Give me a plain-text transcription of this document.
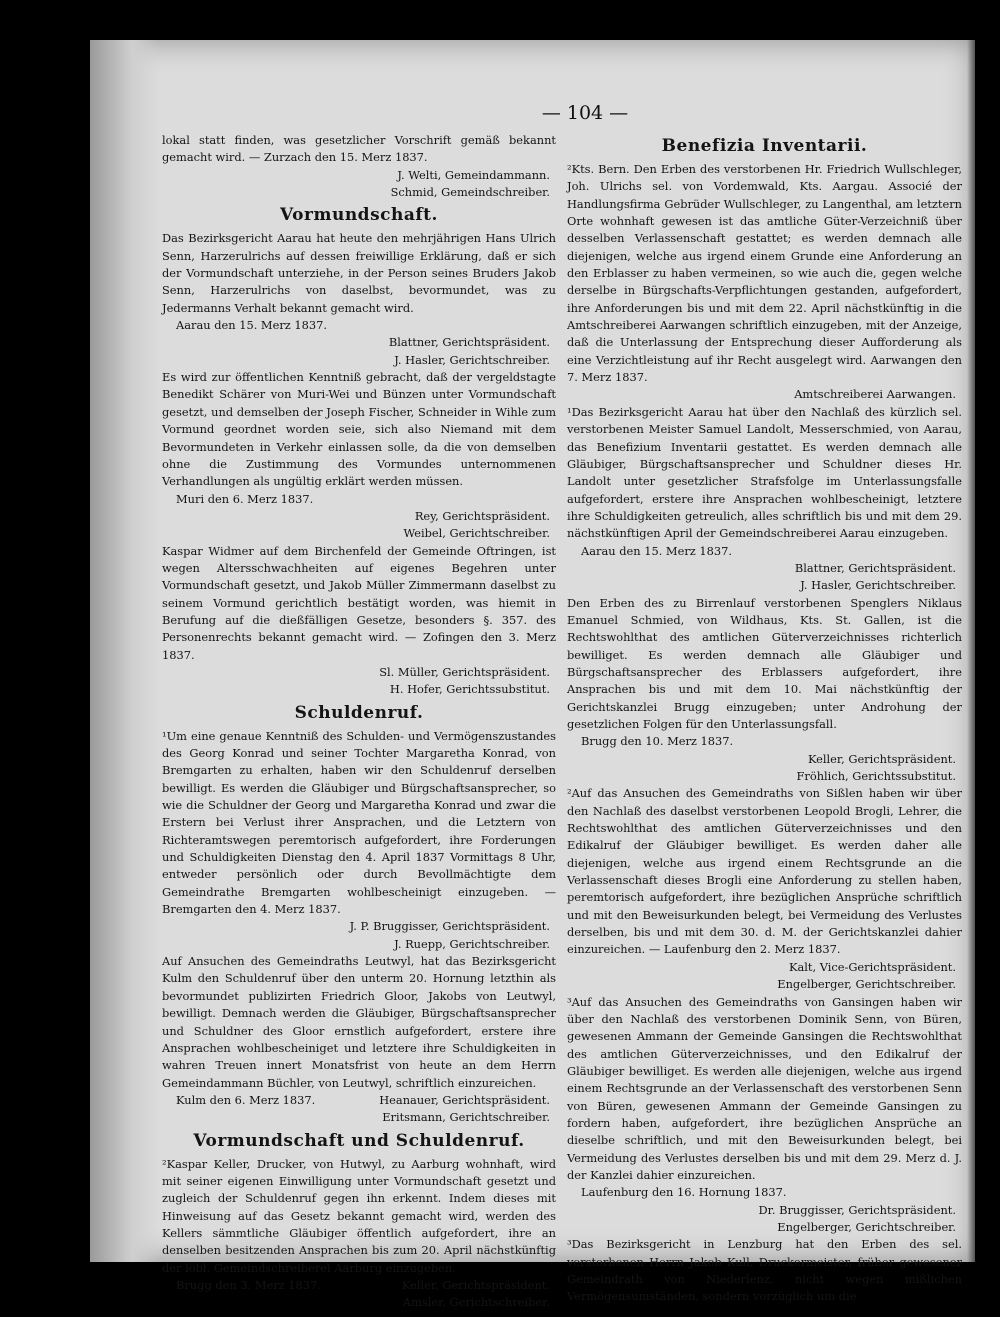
— 104 —

lokal statt finden, was gesetzlicher Vorschrift gemäß bekannt gemacht wird. — Zurzach den 15. Merz 1837.

J. Welti, Gemeindammann.

Schmid, Gemeindschreiber.

Vormundschaft.

Das Bezirksgericht Aarau hat heute den mehrjährigen Hans Ulrich Senn, Harzerulrichs auf dessen freiwillige Erklärung, daß er sich der Vormundschaft unterziehe, in der Person seines Bruders Jakob Senn, Harzerulrichs von daselbst, bevormundet, was zu Jedermanns Verhalt bekannt gemacht wird.

Aarau den 15. Merz 1837.

Blattner, Gerichtspräsident.

J. Hasler, Gerichtschreiber.

Es wird zur öffentlichen Kenntniß gebracht, daß der vergeldstagte Benedikt Schärer von Muri-Wei und Bünzen unter Vormundschaft gesetzt, und demselben der Joseph Fischer, Schneider in Wihle zum Vormund geordnet worden seie, sich also Niemand mit dem Bevormundeten in Verkehr einlassen solle, da die von demselben ohne die Zustimmung des Vormundes unternommenen Verhandlungen als ungültig erklärt werden müssen.

Muri den 6. Merz 1837.

Rey, Gerichtspräsident.

Weibel, Gerichtschreiber.

Kaspar Widmer auf dem Birchenfeld der Gemeinde Oftringen, ist wegen Altersschwachheiten auf eigenes Begehren unter Vormundschaft gesetzt, und Jakob Müller Zimmermann daselbst zu seinem Vormund gerichtlich bestätigt worden, was hiemit in Berufung auf die dießfälligen Gesetze, besonders §. 357. des Personenrechts bekannt gemacht wird. — Zofingen den 3. Merz 1837.

Sl. Müller, Gerichtspräsident.

H. Hofer, Gerichtssubstitut.

Schuldenruf.

¹Um eine genaue Kenntniß des Schulden- und Vermögenszustandes des Georg Konrad und seiner Tochter Margaretha Konrad, von Bremgarten zu erhalten, haben wir den Schuldenruf derselben bewilligt. Es werden die Gläubiger und Bürgschaftsansprecher, so wie die Schuldner der Georg und Margaretha Konrad und zwar die Erstern bei Verlust ihrer Ansprachen, und die Letztern von Richteramtswegen peremtorisch aufgefordert, ihre Forderungen und Schuldigkeiten Dienstag den 4. April 1837 Vormittags 8 Uhr, entweder persönlich oder durch Bevollmächtigte dem Gemeindrathe Bremgarten wohlbescheinigt einzugeben. — Bremgarten den 4. Merz 1837.

J. P. Bruggisser, Gerichtspräsident.

J. Ruepp, Gerichtschreiber.

Auf Ansuchen des Gemeindraths Leutwyl, hat das Bezirksgericht Kulm den Schuldenruf über den unterm 20. Hornung letzthin als bevormundet publizirten Friedrich Gloor, Jakobs von Leutwyl, bewilligt. Demnach werden die Gläubiger, Bürgschaftsansprecher und Schuldner des Gloor ernstlich aufgefordert, erstere ihre Ansprachen wohlbescheiniget und letztere ihre Schuldigkeiten in wahren Treuen innert Monatsfrist von heute an dem Herrn Gemeindammann Büchler, von Leutwyl, schriftlich einzureichen.

Kulm den 6. Merz 1837.	Heanauer, Gerichtspräsident.

Eritsmann, Gerichtschreiber.

Vormundschaft und Schuldenruf.

²Kaspar Keller, Drucker, von Hutwyl, zu Aarburg wohnhaft, wird mit seiner eigenen Einwilligung unter Vormundschaft gesetzt und zugleich der Schuldenruf gegen ihn erkennt. Indem dieses mit Hinweisung auf das Gesetz bekannt gemacht wird, werden des Kellers sämmtliche Gläubiger öffentlich aufgefordert, ihre an denselben besitzenden Ansprachen bis zum 20. April nächstkünftig der löbl. Gemeindschreiberei Aarburg einzugeben.

Brugg den 3. Merz 1837.	Keller, Gerichtspräsident.

Amsler, Gerichtschreiber.

Benefizia Inventarii.

²Kts. Bern. Den Erben des verstorbenen Hr. Friedrich Wullschleger, Joh. Ulrichs sel. von Vordemwald, Kts. Aargau. Associé der Handlungsfirma Gebrüder Wullschleger, zu Langenthal, am letztern Orte wohnhaft gewesen ist das amtliche Güter-Verzeichniß über desselben Verlassenschaft gestattet; es werden demnach alle diejenigen, welche aus irgend einem Grunde eine Anforderung an den Erblasser zu haben vermeinen, so wie auch die, gegen welche derselbe in Bürgschafts-Verpflichtungen gestanden, aufgefordert, ihre Anforderungen bis und mit dem 22. April nächstkünftig in die Amtschreiberei Aarwangen schriftlich einzugeben, mit der Anzeige, daß die Unterlassung der Entsprechung dieser Aufforderung als eine Verzichtleistung auf ihr Recht ausgelegt wird. Aarwangen den 7. Merz 1837.

Amtschreiberei Aarwangen.

¹Das Bezirksgericht Aarau hat über den Nachlaß des kürzlich sel. verstorbenen Meister Samuel Landolt, Messerschmied, von Aarau, das Benefizium Inventarii gestattet. Es werden demnach alle Gläubiger, Bürgschaftsansprecher und Schuldner dieses Hr. Landolt unter gesetzlicher Strafsfolge im Unterlassungsfalle aufgefordert, erstere ihre Ansprachen wohlbescheinigt, letztere ihre Schuldigkeiten getreulich, alles schriftlich bis und mit dem 29. nächstkünftigen April der Gemeindschreiberei Aarau einzugeben.

Aarau den 15. Merz 1837.

Blattner, Gerichtspräsident.

J. Hasler, Gerichtschreiber.

Den Erben des zu Birrenlauf verstorbenen Spenglers Niklaus Emanuel Schmied, von Wildhaus, Kts. St. Gallen, ist die Rechtswohlthat des amtlichen Güterverzeichnisses richterlich bewilliget. Es werden demnach alle Gläubiger und Bürgschaftsansprecher des Erblassers aufgefordert, ihre Ansprachen bis und mit dem 10. Mai nächstkünftig der Gerichtskanzlei Brugg einzugeben; unter Androhung der gesetzlichen Folgen für den Unterlassungsfall.

Brugg den 10. Merz 1837.

Keller, Gerichtspräsident.

Fröhlich, Gerichtssubstitut.

²Auf das Ansuchen des Gemeindraths von Sißlen haben wir über den Nachlaß des daselbst verstorbenen Leopold Brogli, Lehrer, die Rechtswohlthat des amtlichen Güterverzeichnisses und den Edikalruf der Gläubiger bewilliget. Es werden daher alle diejenigen, welche aus irgend einem Rechtsgrunde an die Verlassenschaft dieses Brogli eine Anforderung zu stellen haben, peremtorisch aufgefordert, ihre bezüglichen Ansprüche schriftlich und mit den Beweisurkunden belegt, bei Vermeidung des Verlustes derselben, bis und mit dem 30. d. M. der Gerichtskanzlei dahier einzureichen. — Laufenburg den 2. Merz 1837.

Kalt, Vice-Gerichtspräsident.

Engelberger, Gerichtschreiber.

³Auf das Ansuchen des Gemeindraths von Gansingen haben wir über den Nachlaß des verstorbenen Dominik Senn, von Büren, gewesenen Ammann der Gemeinde Gansingen die Rechtswohlthat des amtlichen Güterverzeichnisses, und den Edikalruf der Gläubiger bewilliget. Es werden alle diejenigen, welche aus irgend einem Rechtsgrunde an der Verlassenschaft des verstorbenen Senn von Büren, gewesenen Ammann der Gemeinde Gansingen zu fordern haben, aufgefordert, ihre bezüglichen Ansprüche an dieselbe schriftlich, und mit den Beweisurkunden belegt, bei Vermeidung des Verlustes derselben bis und mit dem 29. Merz d. J. der Kanzlei dahier einzureichen.

Laufenburg den 16. Hornung 1837.

Dr. Bruggisser, Gerichtspräsident.

Engelberger, Gerichtschreiber.

³Das Bezirksgericht in Lenzburg hat den Erben des sel. verstorbenen Herrn Jakob Kull, Druckermeister, früher gewesener Gemeindrath von Niederlenz, nicht wegen mißlichen Vermögensumständen, sondern vorzüglich um die
